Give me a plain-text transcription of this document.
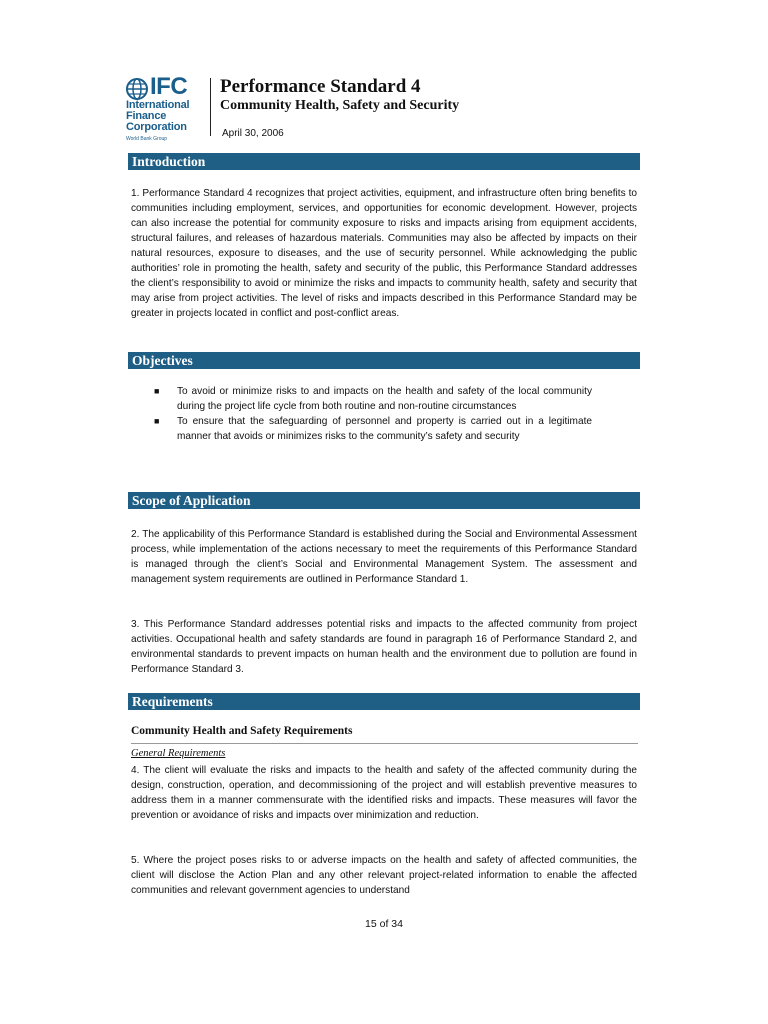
IFC
International
Finance
Corporation
World Bank Group
Performance Standard 4
Community Health, Safety and Security
April 30, 2006
Introduction

1. Performance Standard 4 recognizes that project activities, equipment, and infrastructure often bring benefits to communities including employment, services, and opportunities for economic development. However, projects can also increase the potential for community exposure to risks and impacts arising from equipment accidents, structural failures, and releases of hazardous materials. Communities may also be affected by impacts on their natural resources, exposure to diseases, and the use of security personnel. While acknowledging the public authorities’ role in promoting the health, safety and security of the public, this Performance Standard addresses the client’s responsibility to avoid or minimize the risks and impacts to community health, safety and security that may arise from project activities. The level of risks and impacts described in this Performance Standard may be greater in projects located in conflict and post-conflict areas.

Objectives
■ To avoid or minimize risks to and impacts on the health and safety of the local community during the project life cycle from both routine and non-routine circumstances
■ To ensure that the safeguarding of personnel and property is carried out in a legitimate manner that avoids or minimizes risks to the community’s safety and security
Scope of Application

2. The applicability of this Performance Standard is established during the Social and Environmental Assessment process, while implementation of the actions necessary to meet the requirements of this Performance Standard is managed through the client’s Social and Environmental Management System. The assessment and management system requirements are outlined in Performance Standard 1.

3. This Performance Standard addresses potential risks and impacts to the affected community from project activities. Occupational health and safety standards are found in paragraph 16 of Performance Standard 2, and environmental standards to prevent impacts on human health and the environment due to pollution are found in Performance Standard 3.

Requirements
Community Health and Safety Requirements
General Requirements

4. The client will evaluate the risks and impacts to the health and safety of the affected community during the design, construction, operation, and decommissioning of the project and will establish preventive measures to address them in a manner commensurate with the identified risks and impacts. These measures will favor the prevention or avoidance of risks and impacts over minimization and reduction.

5. Where the project poses risks to or adverse impacts on the health and safety of affected communities, the client will disclose the Action Plan and any other relevant project-related information to enable the affected communities and relevant government agencies to understand

15 of 34
